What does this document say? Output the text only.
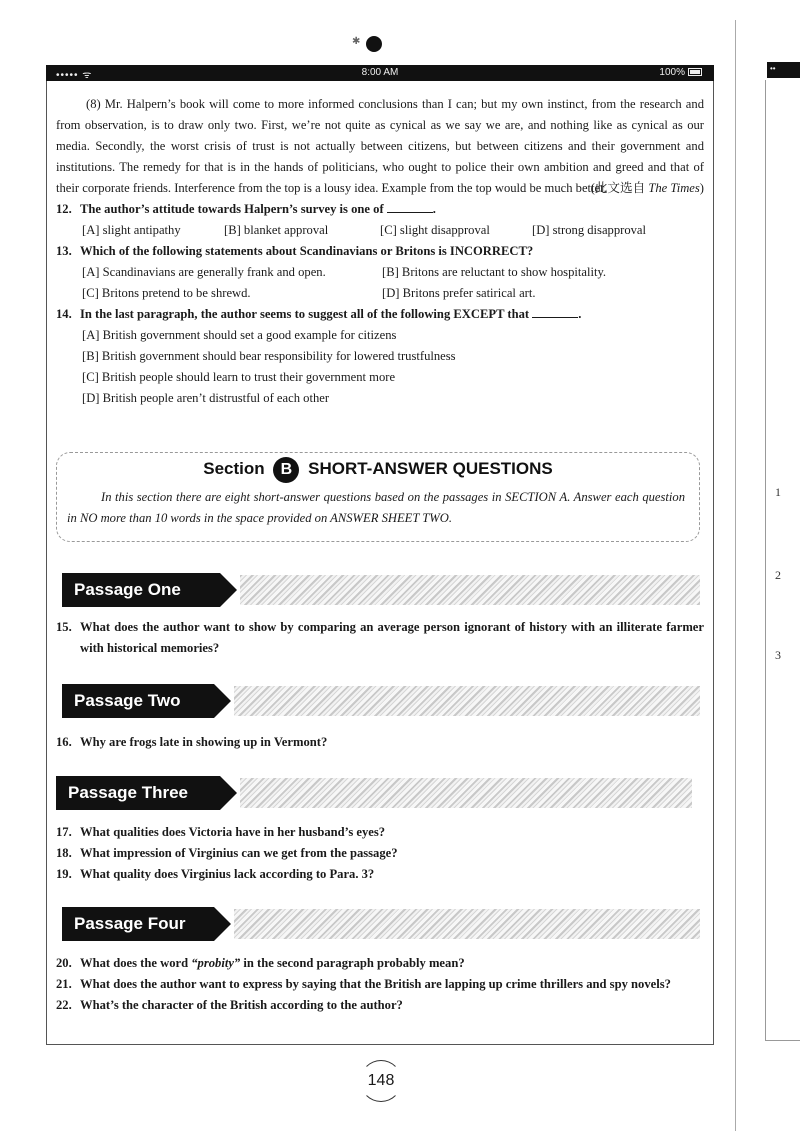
✱
••••• ᯤ	8:00 AM	100%

(8) Mr. Halpern’s book will come to more informed conclusions than I can; but my own instinct, from the research and from observation, is to draw only two. First, we’re not quite as cynical as we say we are, and nothing like as cynical as our media. Secondly, the worst crisis of trust is not actually between citizens, but between citizens and their government and institutions. The remedy for that is in the hands of politicians, who ought to police their own ambition and greed and that of their corporate friends. Interference from the top is a lousy idea. Example from the top would be much better.

(此文选自 The Times)

12. The author’s attitude towards Halpern’s survey is one of	.
[A] slight antipathy	[B] blanket approval	[C] slight disapproval	[D] strong disapproval
13. Which of the following statements about Scandinavians or Britons is INCORRECT?
[A] Scandinavians are generally frank and open.	[B] Britons are reluctant to show hospitality.
[C] Britons pretend to be shrewd.	[D] Britons prefer satirical art.
14. In the last paragraph, the author seems to suggest all of the following EXCEPT that	.
[A] British government should set a good example for citizens
[B] British government should bear responsibility for lowered trustfulness
[C] British people should learn to trust their government more
[D] British people aren’t distrustful of each other
Section B SHORT-ANSWER QUESTIONS

In this section there are eight short-answer questions based on the passages in SECTION A. Answer each question in NO more than 10 words in the space provided on ANSWER SHEET TWO.

Passage One
15. What does the author want to show by comparing an average person ignorant of history with an illiterate farmer with historical memories?
Passage Two
16. Why are frogs late in showing up in Vermont?
Passage Three
17. What qualities does Victoria have in her husband’s eyes?
18. What impression of Virginius can we get from the passage?
19. What quality does Virginius lack according to Para. 3?
Passage Four
20. What does the word “probity” in the second paragraph probably mean?
21. What does the author want to express by saying that the British are lapping up crime thrillers and spy novels?
22. What’s the character of the British according to the author?
148
••
1
2
3
